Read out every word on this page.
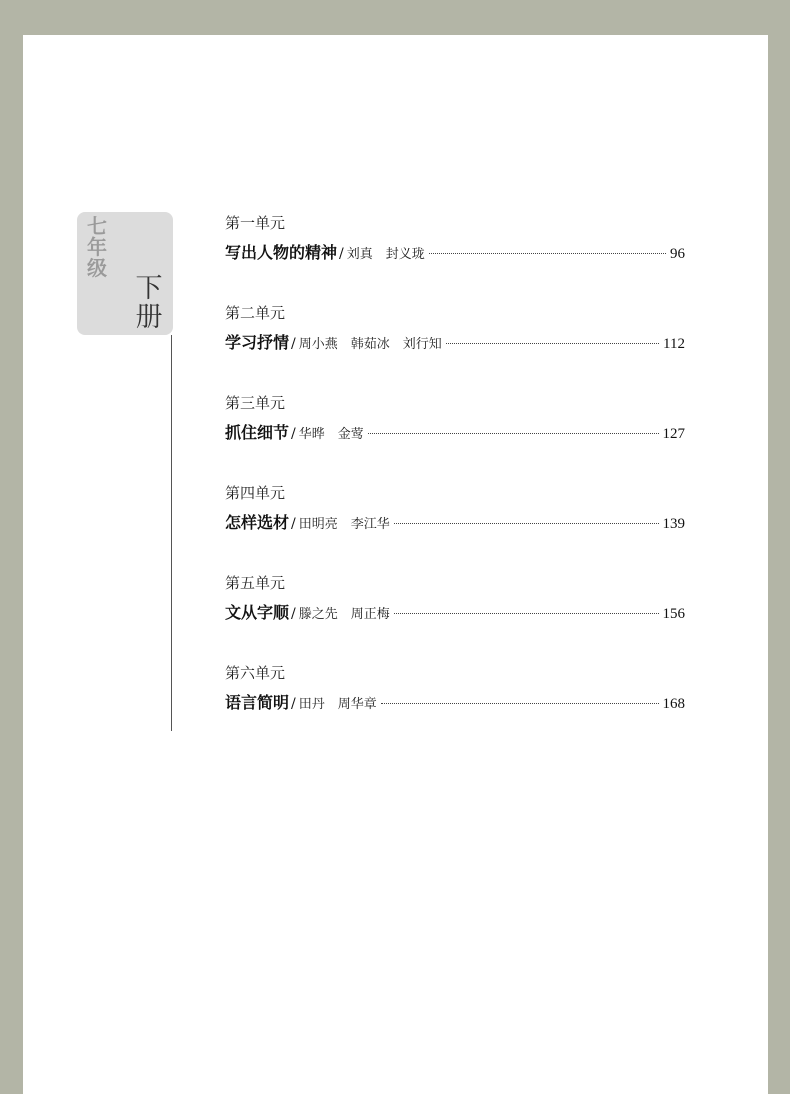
七年级
下册
第一单元
写出人物的精神 / 刘真　封义珑	96
第二单元
学习抒情 / 周小燕　韩茹冰　刘行知	112
第三单元
抓住细节 / 华晔　金莺	127
第四单元
怎样选材 / 田明亮　李江华	139
第五单元
文从字顺 / 滕之先　周正梅	156
第六单元
语言简明 / 田丹　周华章	168
